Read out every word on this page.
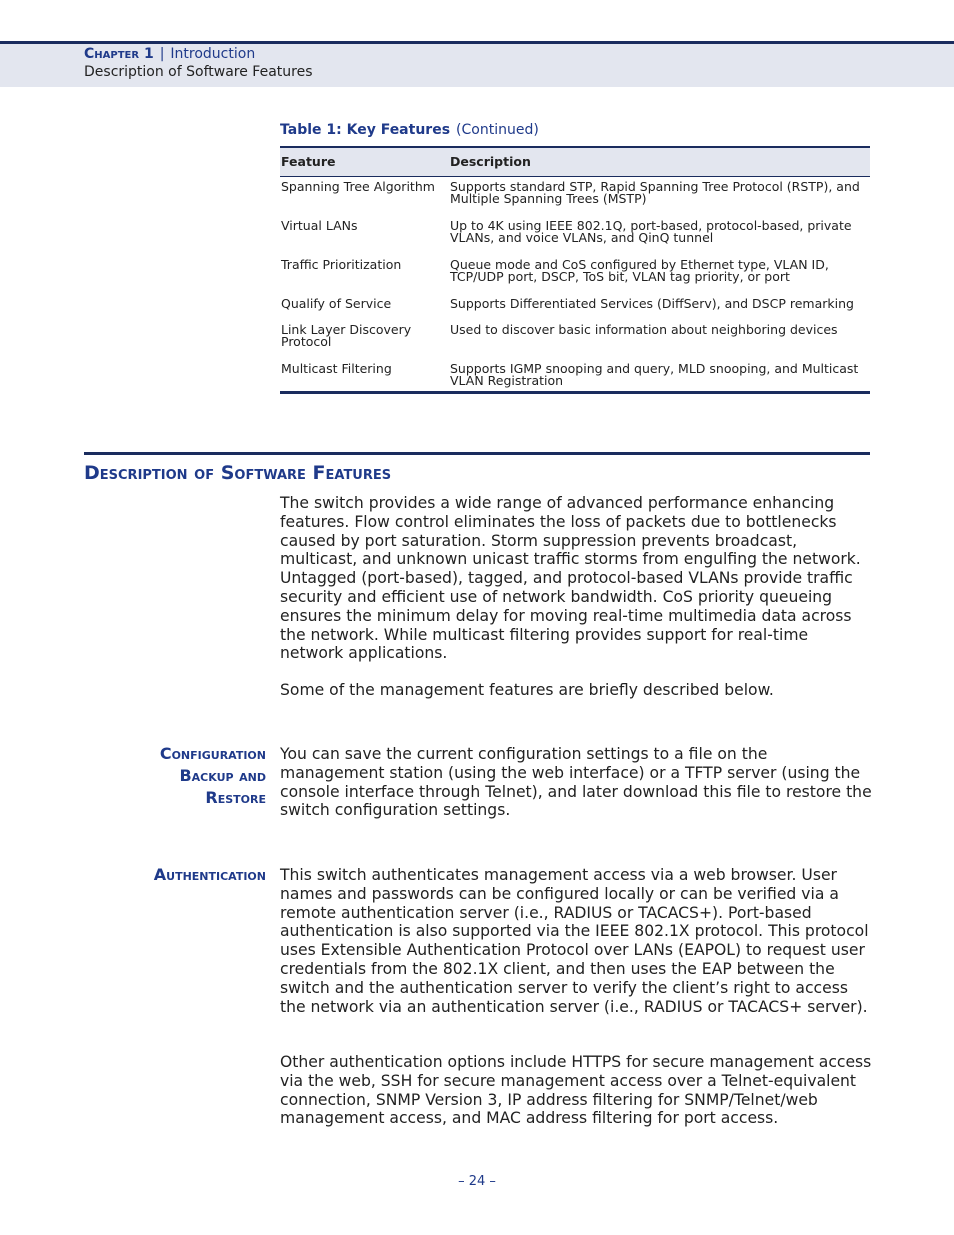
Chapter 1 | Introduction
Description of Software Features
Table 1: Key Features (Continued)
Feature	Description
Spanning Tree Algorithm	Supports standard STP, Rapid Spanning Tree Protocol (RSTP), and Multiple Spanning Trees (MSTP)
Virtual LANs	Up to 4K using IEEE 802.1Q, port-based, protocol-based, private VLANs, and voice VLANs, and QinQ tunnel
Traffic Prioritization	Queue mode and CoS configured by Ethernet type, VLAN ID, TCP/UDP port, DSCP, ToS bit, VLAN tag priority, or port
Qualify of Service	Supports Differentiated Services (DiffServ), and DSCP remarking
Link Layer Discovery Protocol	Used to discover basic information about neighboring devices
Multicast Filtering	Supports IGMP snooping and query, MLD snooping, and Multicast VLAN Registration
Description of Software Features

The switch provides a wide range of advanced performance enhancing features. Flow control eliminates the loss of packets due to bottlenecks caused by port saturation. Storm suppression prevents broadcast, multicast, and unknown unicast traffic storms from engulfing the network. Untagged (port-based), tagged, and protocol-based VLANs provide traffic security and efficient use of network bandwidth. CoS priority queueing ensures the minimum delay for moving real-time multimedia data across the network. While multicast filtering provides support for real-time network applications.

Some of the management features are briefly described below.

Configuration
Backup and
Restore

You can save the current configuration settings to a file on the management station (using the web interface) or a TFTP server (using the console interface through Telnet), and later download this file to restore the switch configuration settings.

Authentication This switch authenticates management access via a web browser. User names and passwords can be configured locally or can be verified via a remote authentication server (i.e., RADIUS or TACACS+). Port-based authentication is also supported via the IEEE 802.1X protocol. This protocol uses Extensible Authentication Protocol over LANs (EAPOL) to request user credentials from the 802.1X client, and then uses the EAP between the switch and the authentication server to verify the client’s right to access the network via an authentication server (i.e., RADIUS or TACACS+ server).

Other authentication options include HTTPS for secure management access via the web, SSH for secure management access over a Telnet-equivalent connection, SNMP Version 3, IP address filtering for SNMP/Telnet/web management access, and MAC address filtering for port access.

– 24 –
